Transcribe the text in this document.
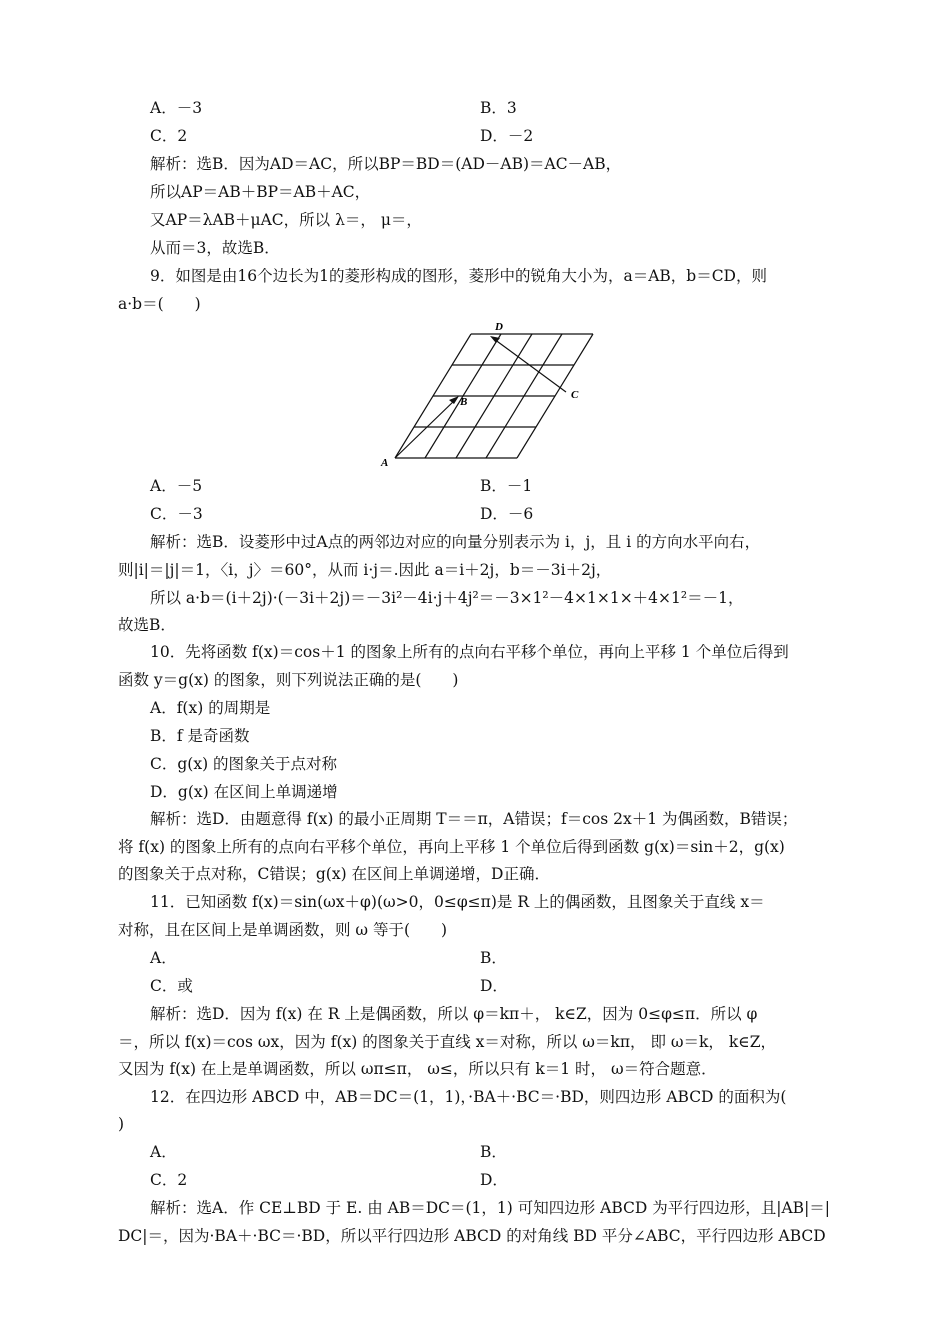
A．－3	B．3
C．2	D．－2
解析：选B．因为AD＝AC，所以BP＝BD＝(AD－AB)＝AC－AB，
所以AP＝AB＋BP＝AB＋AC，
又AP＝λAB＋μAC，所以 λ＝， μ＝，
从而＝3，故选B．
9．如图是由16个边长为1的菱形构成的图形，菱形中的锐角大小为，a＝AB，b＝CD，则
a·b＝(　　)
A
B
C
D
A．－5	B．－1
C．－3	D．－6
解析：选B．设菱形中过A点的两邻边对应的向量分别表示为 i，j，且 i 的方向水平向右，
则|i|＝|j|＝1，〈i，j〉＝60°，从而 i·j＝.因此 a＝i＋2j，b＝－3i＋2j，
所以 a·b＝(i＋2j)·(－3i＋2j)＝－3i²－4i·j＋4j²＝－3×1²－4×1×1×＋4×1²＝－1，
故选B．
10．先将函数 f(x)＝cos＋1 的图象上所有的点向右平移个单位，再向上平移 1 个单位后得到
函数 y＝g(x) 的图象，则下列说法正确的是(　　)
A．f(x) 的周期是
B．f 是奇函数
C．g(x) 的图象关于点对称
D．g(x) 在区间上单调递增
解析：选D．由题意得 f(x) 的最小正周期 T＝＝π，A错误；f＝cos 2x＋1 为偶函数，B错误；
将 f(x) 的图象上所有的点向右平移个单位，再向上平移 1 个单位后得到函数 g(x)＝sin＋2，g(x)
的图象关于点对称，C错误；g(x) 在区间上单调递增，D正确．
11．已知函数 f(x)＝sin(ωx＋φ)(ω>0，0≤φ≤π)是 R 上的偶函数，且图象关于直线 x＝
对称，且在区间上是单调函数，则 ω 等于(　　)
A．	B．
C．或	D．
解析：选D．因为 f(x) 在 R 上是偶函数，所以 φ＝kπ＋， k∈Z，因为 0≤φ≤π．所以 φ
＝，所以 f(x)＝cos ωx，因为 f(x) 的图象关于直线 x＝对称，所以 ω＝kπ， 即 ω＝k， k∈Z，
又因为 f(x) 在上是单调函数，所以 ωπ≤π， ω≤，所以只有 k＝1 时， ω＝符合题意．
12．在四边形 ABCD 中，AB＝DC＝(1，1)，·BA＋·BC＝·BD，则四边形 ABCD 的面积为(
)
A．	B．
C．2	D．
解析：选A．作 CE⊥BD 于 E. 由 AB＝DC＝(1，1) 可知四边形 ABCD 为平行四边形，且|AB|＝|
DC|＝，因为·BA＋·BC＝·BD，所以平行四边形 ABCD 的对角线 BD 平分∠ABC，平行四边形 ABCD
